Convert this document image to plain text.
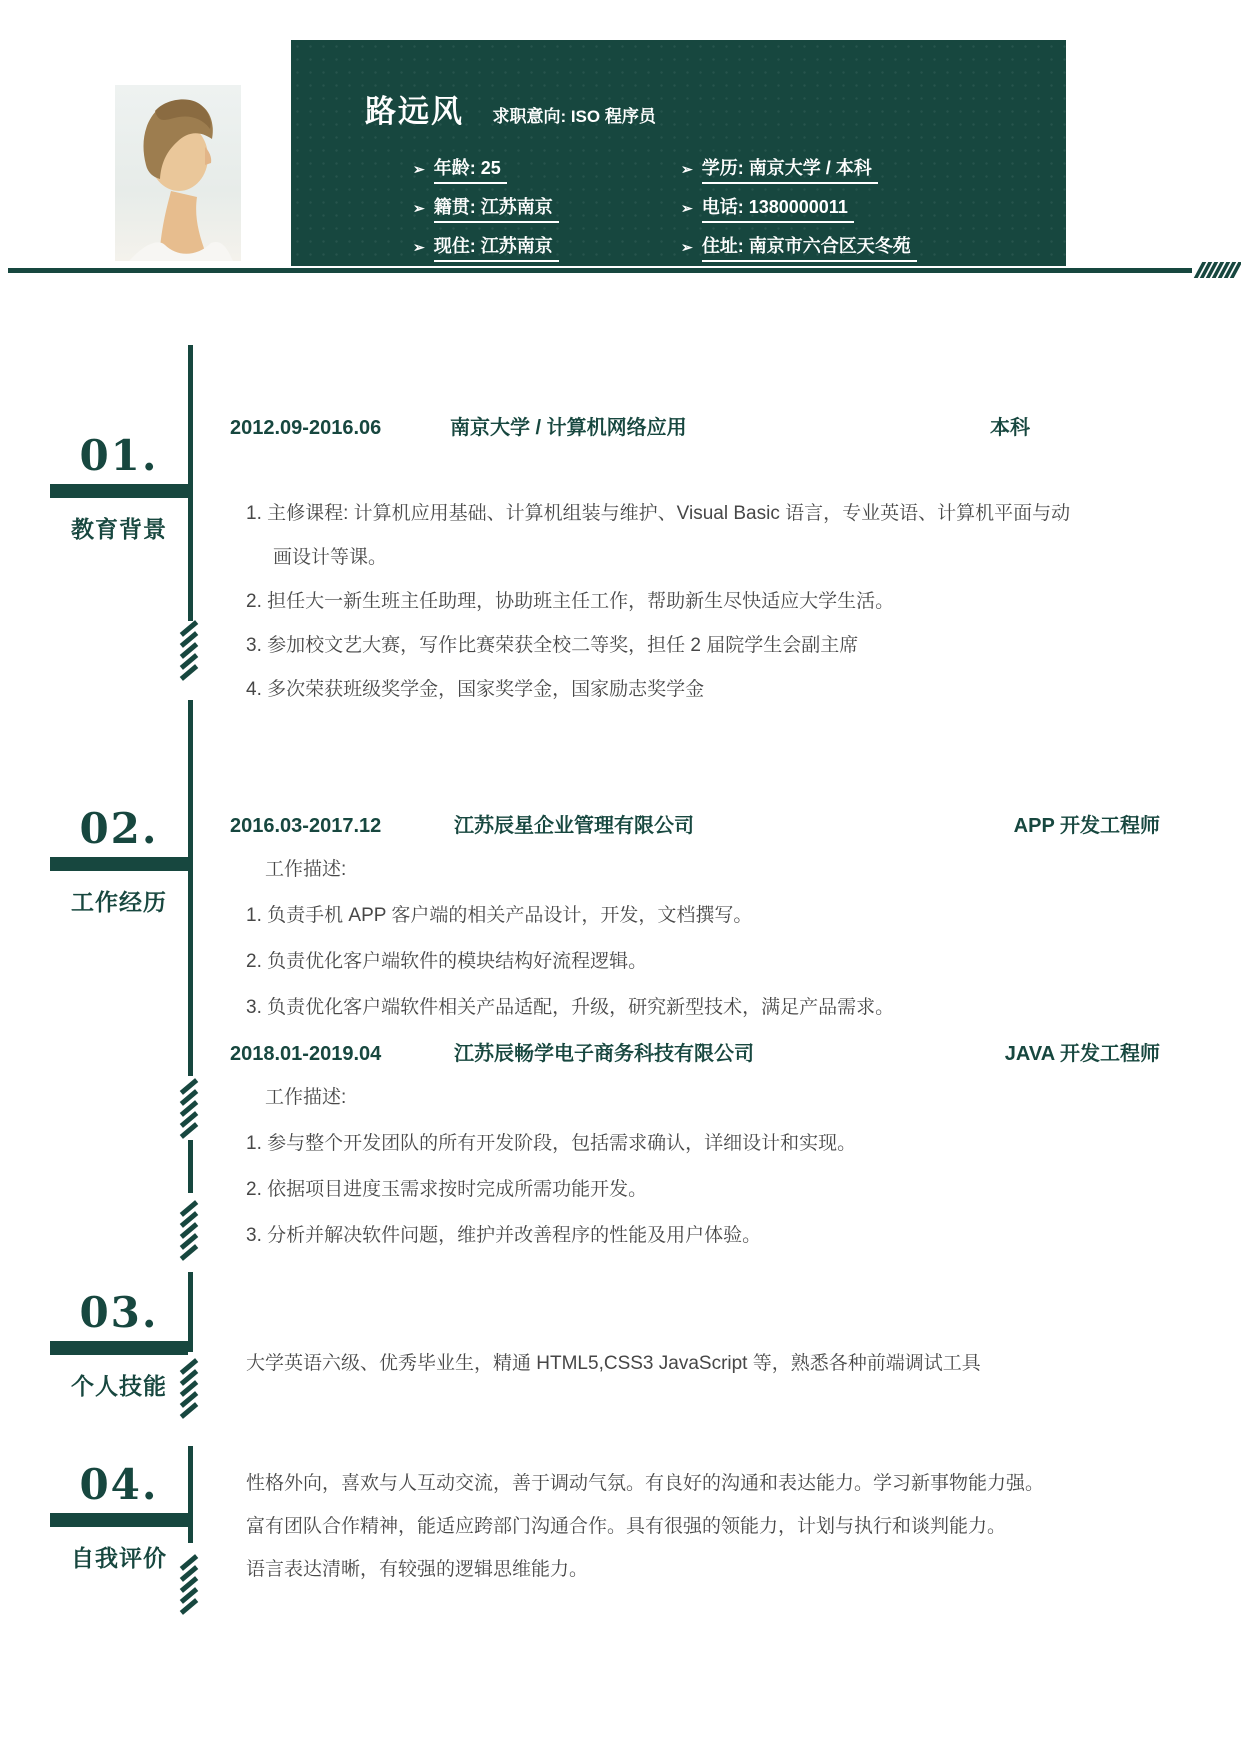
路远风 求职意向: ISO 程序员
➢ 年龄: 25	➢ 学历: 南京大学 / 本科
➢ 籍贯: 江苏南京	➢ 电话: 1380000011
➢ 现住: 江苏南京	➢ 住址: 南京市六合区天冬苑
01.
教育背景
02.
工作经历
03.
个人技能
04.
自我评价
2012.09-2016.06	南京大学 / 计算机网络应用	本科
1. 主修课程: 计算机应用基础、计算机组装与维护、Visual Basic 语言，专业英语、计算机平面与动画设计等课。
2. 担任大一新生班主任助理，协助班主任工作，帮助新生尽快适应大学生活。
3. 参加校文艺大赛，写作比赛荣获全校二等奖，担任 2 届院学生会副主席
4. 多次荣获班级奖学金，国家奖学金，国家励志奖学金
2016.03-2017.12	江苏辰星企业管理有限公司	APP 开发工程师
工作描述:
1. 负责手机 APP 客户端的相关产品设计，开发，文档撰写。
2. 负责优化客户端软件的模块结构好流程逻辑。
3. 负责优化客户端软件相关产品适配，升级，研究新型技术，满足产品需求。
2018.01-2019.04	江苏辰畅学电子商务科技有限公司	JAVA 开发工程师
工作描述:
1. 参与整个开发团队的所有开发阶段，包括需求确认，详细设计和实现。
2. 依据项目进度玉需求按时完成所需功能开发。
3. 分析并解决软件问题，维护并改善程序的性能及用户体验。
大学英语六级、优秀毕业生，精通 HTML5,CSS3 JavaScript 等，熟悉各种前端调试工具
性格外向，喜欢与人互动交流，善于调动气氛。有良好的沟通和表达能力。学习新事物能力强。
富有团队合作精神，能适应跨部门沟通合作。具有很强的领能力，计划与执行和谈判能力。
语言表达清晰，有较强的逻辑思维能力。
